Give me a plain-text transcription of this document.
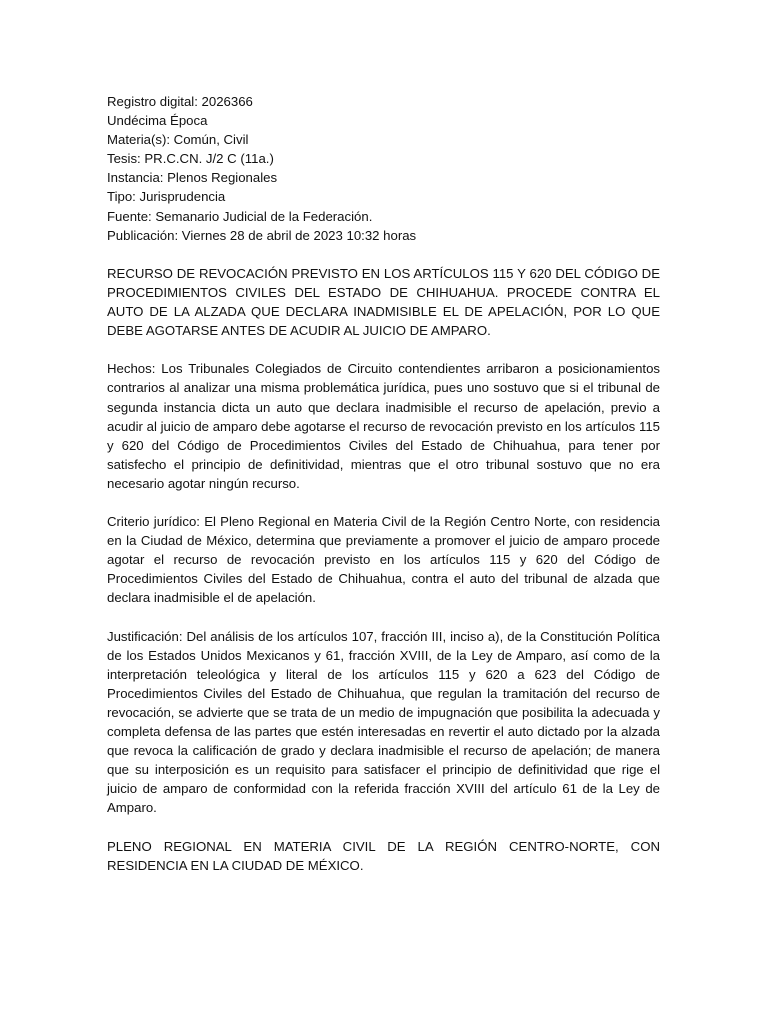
Registro digital: 2026366
Undécima Época
Materia(s): Común, Civil
Tesis: PR.C.CN. J/2 C (11a.)
Instancia: Plenos Regionales
Tipo: Jurisprudencia
Fuente: Semanario Judicial de la Federación.
Publicación: Viernes 28 de abril de 2023 10:32 horas
RECURSO DE REVOCACIÓN PREVISTO EN LOS ARTÍCULOS 115 Y 620 DEL CÓDIGO DE PROCEDIMIENTOS CIVILES DEL ESTADO DE CHIHUAHUA. PROCEDE CONTRA EL AUTO DE LA ALZADA QUE DECLARA INADMISIBLE EL DE APELACIÓN, POR LO QUE DEBE AGOTARSE ANTES DE ACUDIR AL JUICIO DE AMPARO.
Hechos: Los Tribunales Colegiados de Circuito contendientes arribaron a posicionamientos contrarios al analizar una misma problemática jurídica, pues uno sostuvo que si el tribunal de segunda instancia dicta un auto que declara inadmisible el recurso de apelación, previo a acudir al juicio de amparo debe agotarse el recurso de revocación previsto en los artículos 115 y 620 del Código de Procedimientos Civiles del Estado de Chihuahua, para tener por satisfecho el principio de definitividad, mientras que el otro tribunal sostuvo que no era necesario agotar ningún recurso.
Criterio jurídico: El Pleno Regional en Materia Civil de la Región Centro Norte, con residencia en la Ciudad de México, determina que previamente a promover el juicio de amparo procede agotar el recurso de revocación previsto en los artículos 115 y 620 del Código de Procedimientos Civiles del Estado de Chihuahua, contra el auto del tribunal de alzada que declara inadmisible el de apelación.
Justificación: Del análisis de los artículos 107, fracción III, inciso a), de la Constitución Política de los Estados Unidos Mexicanos y 61, fracción XVIII, de la Ley de Amparo, así como de la interpretación teleológica y literal de los artículos 115 y 620 a 623 del Código de Procedimientos Civiles del Estado de Chihuahua, que regulan la tramitación del recurso de revocación, se advierte que se trata de un medio de impugnación que posibilita la adecuada y completa defensa de las partes que estén interesadas en revertir el auto dictado por la alzada que revoca la calificación de grado y declara inadmisible el recurso de apelación; de manera que su interposición es un requisito para satisfacer el principio de definitividad que rige el juicio de amparo de conformidad con la referida fracción XVIII del artículo 61 de la Ley de Amparo.
PLENO REGIONAL EN MATERIA CIVIL DE LA REGIÓN CENTRO-NORTE, CON RESIDENCIA EN LA CIUDAD DE MÉXICO.
